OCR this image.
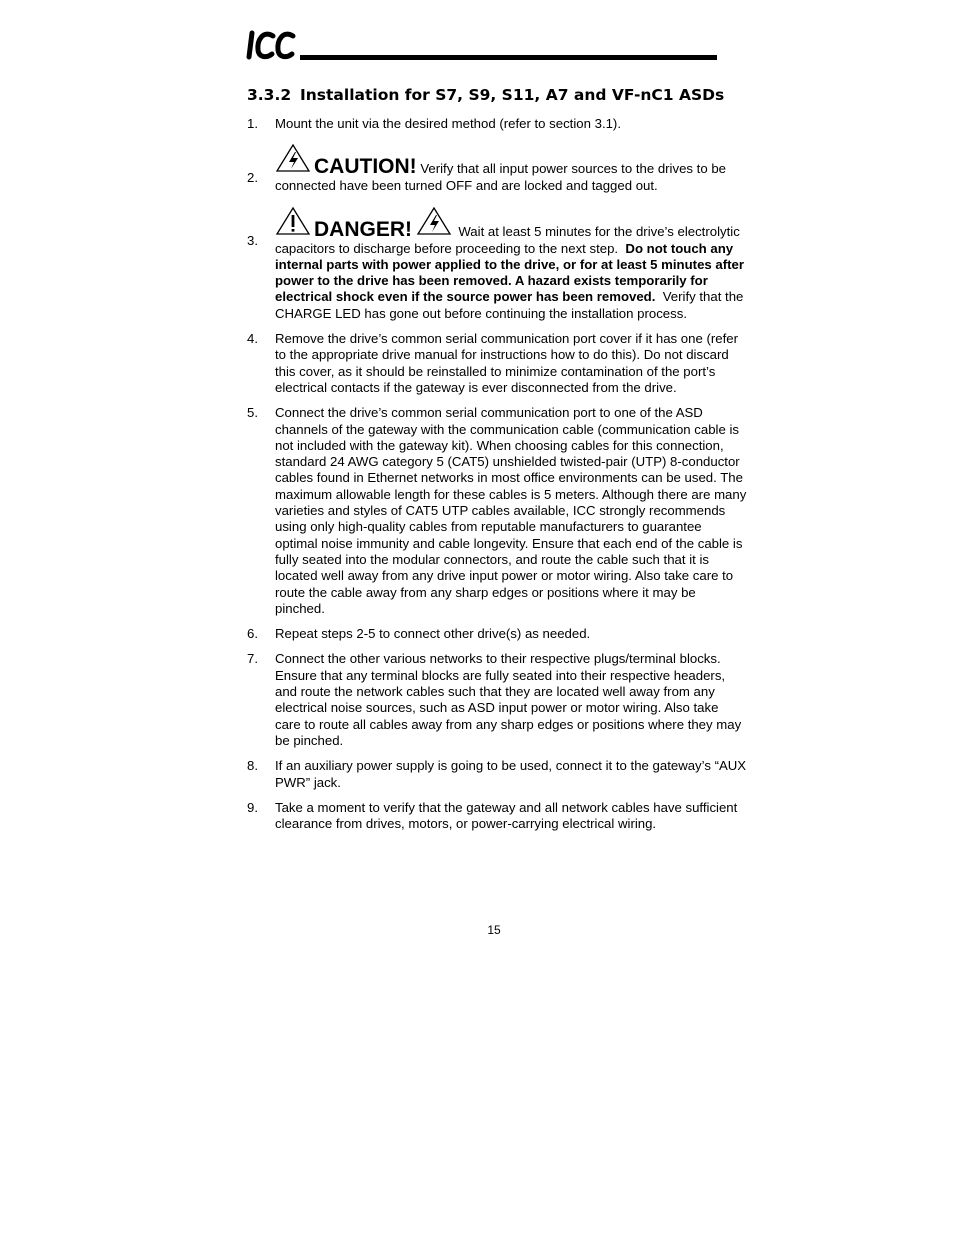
3.3.2 Installation for S7, S9, S11, A7 and VF-nC1 ASDs
1.	Mount the unit via the desired method (refer to section 3.1).
2.	CAUTION! Verify that all input power sources to the drives to be connected have been turned OFF and are locked and tagged out.
3.	DANGER!	Wait at least 5 minutes for the drive’s electrolytic capacitors to discharge before proceeding to the next step. Do not touch any internal parts with power applied to the drive, or for at least 5 minutes after power to the drive has been removed. A hazard exists temporarily for electrical shock even if the source power has been removed. Verify that the CHARGE LED has gone out before continuing the installation process.
4.	Remove the drive’s common serial communication port cover if it has one (refer to the appropriate drive manual for instructions how to do this). Do not discard this cover, as it should be reinstalled to minimize contamination of the port’s electrical contacts if the gateway is ever disconnected from the drive.
5.	Connect the drive’s common serial communication port to one of the ASD channels of the gateway with the communication cable (communication cable is not included with the gateway kit). When choosing cables for this connection, standard 24 AWG category 5 (CAT5) unshielded twisted-pair (UTP) 8-conductor cables found in Ethernet networks in most office environments can be used. The maximum allowable length for these cables is 5 meters. Although there are many varieties and styles of CAT5 UTP cables available, ICC strongly recommends using only high-quality cables from reputable manufacturers to guarantee optimal noise immunity and cable longevity. Ensure that each end of the cable is fully seated into the modular connectors, and route the cable such that it is located well away from any drive input power or motor wiring. Also take care to route the cable away from any sharp edges or positions where it may be pinched.
6.	Repeat steps 2-5 to connect other drive(s) as needed.
7.	Connect the other various networks to their respective plugs/terminal blocks. Ensure that any terminal blocks are fully seated into their respective headers, and route the network cables such that they are located well away from any electrical noise sources, such as ASD input power or motor wiring. Also take care to route all cables away from any sharp edges or positions where they may be pinched.
8.	If an auxiliary power supply is going to be used, connect it to the gateway’s “AUX PWR” jack.
9.	Take a moment to verify that the gateway and all network cables have sufficient clearance from drives, motors, or power-carrying electrical wiring.
15
